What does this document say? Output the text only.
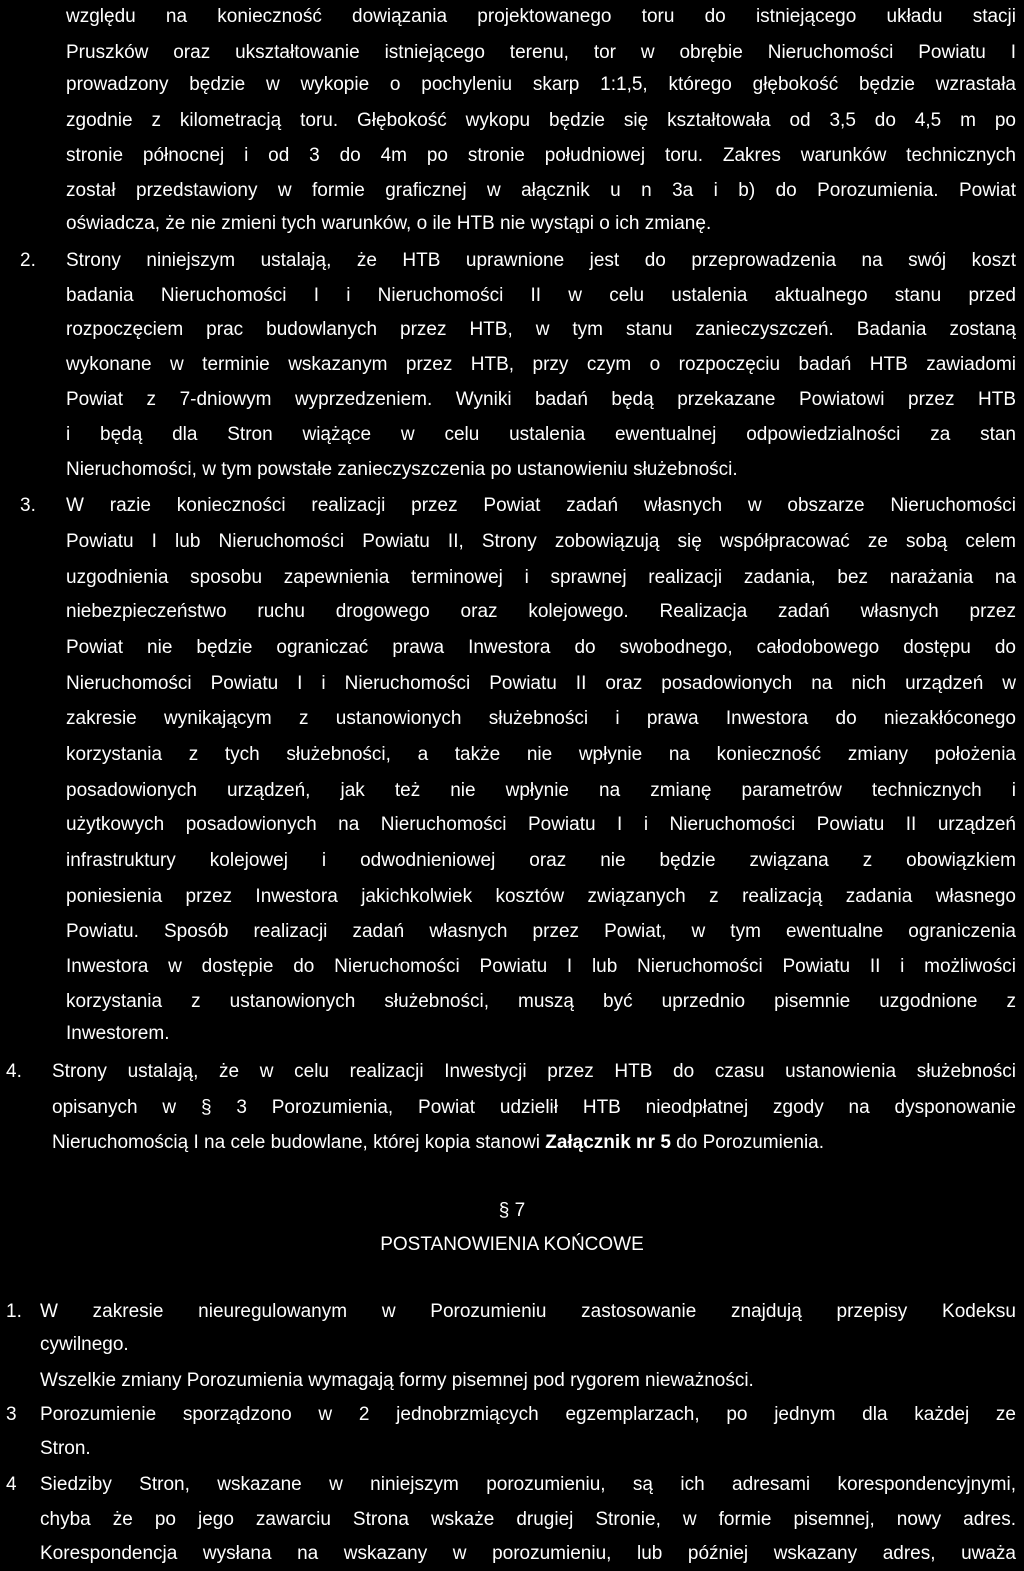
względu na konieczność dowiązania projektowanego toru do istniejącego układu stacji
Pruszków oraz ukształtowanie istniejącego terenu, tor w obrębie Nieruchomości Powiatu I
prowadzony będzie w wykopie o pochyleniu skarp 1:1,5, którego głębokość będzie wzrastała
zgodnie z kilometracją toru. Głębokość wykopu będzie się kształtowała od 3,5 do 4,5 m po
stronie północnej i od 3 do 4m po stronie południowej toru. Zakres warunków technicznych
został przedstawiony w formie graficznej w ałącznik u n 3a i b) do Porozumienia. Powiat
oświadcza, że nie zmieni tych warunków, o ile HTB nie wystąpi o ich zmianę.
2.	Strony niniejszym ustalają, że HTB uprawnione jest do przeprowadzenia na swój koszt
badania Nieruchomości I i Nieruchomości II w celu ustalenia aktualnego stanu przed
rozpoczęciem prac budowlanych przez HTB, w tym stanu zanieczyszczeń. Badania zostaną
wykonane w terminie wskazanym przez HTB, przy czym o rozpoczęciu badań HTB zawiadomi
Powiat z 7-dniowym wyprzedzeniem. Wyniki badań będą przekazane Powiatowi przez HTB
i będą dla Stron wiążące w celu ustalenia ewentualnej odpowiedzialności za stan
Nieruchomości, w tym powstałe zanieczyszczenia po ustanowieniu służebności.
3.	W razie konieczności realizacji przez Powiat zadań własnych w obszarze Nieruchomości
Powiatu I lub Nieruchomości Powiatu II, Strony zobowiązują się współpracować ze sobą celem
uzgodnienia sposobu zapewnienia terminowej i sprawnej realizacji zadania, bez narażania na
niebezpieczeństwo ruchu drogowego oraz kolejowego. Realizacja zadań własnych przez
Powiat nie będzie ograniczać prawa Inwestora do swobodnego, całodobowego dostępu do
Nieruchomości Powiatu I i Nieruchomości Powiatu II oraz posadowionych na nich urządzeń w
zakresie wynikającym z ustanowionych służebności i prawa Inwestora do niezakłóconego
korzystania z tych służebności, a także nie wpłynie na konieczność zmiany położenia
posadowionych urządzeń, jak też nie wpłynie na zmianę parametrów technicznych i
użytkowych posadowionych na Nieruchomości Powiatu I i Nieruchomości Powiatu II urządzeń
infrastruktury kolejowej i odwodnieniowej oraz nie będzie związana z obowiązkiem
poniesienia przez Inwestora jakichkolwiek kosztów związanych z realizacją zadania własnego
Powiatu. Sposób realizacji zadań własnych przez Powiat, w tym ewentualne ograniczenia
Inwestora w dostępie do Nieruchomości Powiatu I lub Nieruchomości Powiatu II i możliwości
korzystania z ustanowionych służebności, muszą być uprzednio pisemnie uzgodnione z
Inwestorem.
4.	Strony ustalają, że w celu realizacji Inwestycji przez HTB do czasu ustanowienia służebności
opisanych w § 3 Porozumienia, Powiat udzielił HTB nieodpłatnej zgody na dysponowanie
Nieruchomością I na cele budowlane, której kopia stanowi Załącznik nr 5 do Porozumienia.
§ 7
POSTANOWIENIA KOŃCOWE
1. W zakresie nieuregulowanym w Porozumieniu zastosowanie znajdują przepisy Kodeksu
cywilnego.
Wszelkie zmiany Porozumienia wymagają formy pisemnej pod rygorem nieważności.
3	Porozumienie sporządzono w 2 jednobrzmiących egzemplarzach, po jednym dla każdej ze
Stron.
4	Siedziby Stron, wskazane w niniejszym porozumieniu, są ich adresami korespondencyjnymi,
chyba że po jego zawarciu Strona wskaże drugiej Stronie, w formie pisemnej, nowy adres.
Korespondencja wysłana na wskazany w porozumieniu, lub później wskazany adres, uważa
